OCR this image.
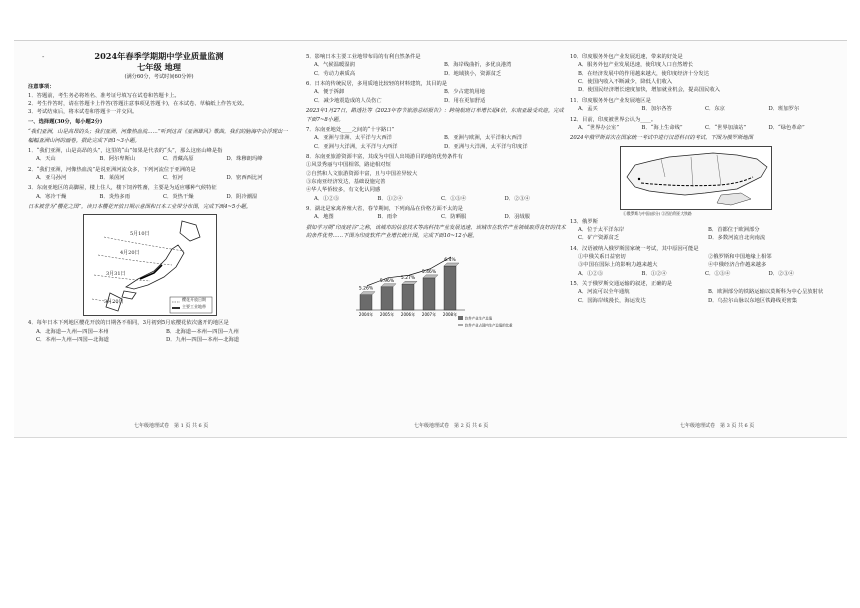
-	2024年春季学期期中学业质量监测

七年级 地理

(满分60分，考试时间60分钟)

注意事项：

1．答题前，考生务必将姓名、准考证号填写在试卷和答题卡上。

2．考生作答时，请在答题卡上作答(答题注意事项见答题卡)，在本试卷、草稿纸上作答无效。

3．考试结束后，将本试卷和答题卡一并交回。

一、选择题(30分，每小题2分)

“我们亚洲，山是高昂的头；我们亚洲，河像热血流……”听到这首《亚洲雄风》歌曲，我们的脑海中会浮现出一幅幅亚洲山河的画卷。据此完成下面1~3小题。

1．“我们亚洲，山是高昂的头”，这里的“山”如果是代表的“头”，那么这座山峰是指

A．天山	B．阿尔卑斯山	C．青藏高原	D．珠穆朗玛峰

2．“我们亚洲，河像热血流”是说亚洲河流众多，下列河流位于亚洲的是

A．亚马孙河	B．莱茵河	C．恒河	D．密西西比河

3．东南亚地区的高脚屋，楼上住人，楼下饲养牲畜，主要是为适应哪种气候特征

A．寒冷干燥	B．炎热多雨	C．炎热干燥	D．阴冷潮湿

日本被誉为“樱花之国”，读日本樱花开放日期示意图和日本工业带分布图，完成下面4~5小题。

5月10日
4月20日
3月31日
3月20日	樱花开放日期
主要工业地带

4．每年日本下列地区樱花开放的日期各不相同，3月初到5月底樱花依次盛开的地区是

A．北海道—九州—四国—本州	B．北海道—本州—四国—九州
C．本州—九州—四国—北海道	D．九州—四国—本州—北海道
七年级地理试卷　第 1 页 共 6 页

5．影响日本主要工业地带布局的有利自然条件是

A．气候温暖湿润	B．海岸线曲折，多优良港湾
C．劳动力素质高	D．地域狭小，资源贫乏

6．日本的传统民居，多用质地比较轻的材料建筑，其目的是

A．便于拆卸	B．少占建筑用地
C．减少地震造成的人员伤亡	D．用在更加舒适

2023年1月27日，路透社等《2023年春节旅游总结报告》：跨境航班订单增长超4倍，东南亚最受欢迎。完成下面7~8小题。

7．东南亚地处____之间的“十字路口”

A．亚洲与非洲、太平洋与大西洋	B．亚洲与欧洲，太平洋和大西洋
C．亚洲与大洋洲，太平洋与大西洋	D．亚洲与大洋洲，太平洋与印度洋

8．东南亚旅游资源丰富，其成为中国人出境游目的地的优势条件有

①风景秀丽与中国相邻，路途相对短

②自然和人文旅游资源丰富，且与中国差异较大

③东南亚经济发达，基础设施完善

④华人华侨较多，有文化认同感

A．①②③	B．①②④	C．①③④	D．②③④

9．湖北是家禽养殖大省，春节期间，下列商品在价格方面不太的是

A．地图	B．雨伞	C．防晒服	D．羽绒服

据如学习期“印度硅谷”之称，该城市的信息技术等高科技产业发展迅速，该城市在软件产业领域取得良好的技术的条件优势……下图为印度软件产业增长统计图。完成下面10~12小题。

5.26%
2004年
5.96%
2005年
5.27%
2006年
5.46%
2007年
6.4%
2008年
软件产业生产总值
软件产业占国内生产总值的比重
七年级地理试卷　第 2 页 共 6 页

10．印度服务外包产业发展迅速，带来的好处是

A．服务外包产业发展迅速，使印度人口自然增长

B．在经济发展中的作用越来越大，使印度经济十分发达

C．使国内收入不断减少，降低人们收入

D．使国民经济增长速度加快，增加就业机会，提高国民收入

11．印度服务外包产业发展地区是

A．孟买	B．加尔各答	C．东京	D．班加罗尔

12．目前，印度被世界公认为____。

A．“世界办公室”	B．“海上生命线”	C．“世界加油站”	D．“绿色革命”

2024年俄罗斯首次在国家统一考试中进行汉语科目的考试，下图为俄罗斯地图

①俄罗斯与中国(部分) ②西伯利亚大铁路

13．俄罗斯

A．位于太平洋东岸	B．首都位于欧洲部分
C．矿产资源贫乏	D．多数河流自北向南流

14．汉语被纳入俄罗斯国家统一考试，其中原因可能是

①中俄关系日益密切	②俄罗斯和中国地缘上相邻
③中国在国际上的影响力越来越大	④中俄经济合作越来越多
A．①②③	B．①②④	C．①③④	D．②③④

15．关于俄罗斯交通运输的叙述，正确的是

A．河流可以全年通航	B．欧洲部分的铁路运输以莫斯科为中心呈放射状
C．国海岸线漫长，海运发达	D．乌拉尔山脉以东地区铁路线更密集
七年级地理试卷　第 3 页 共 6 页
